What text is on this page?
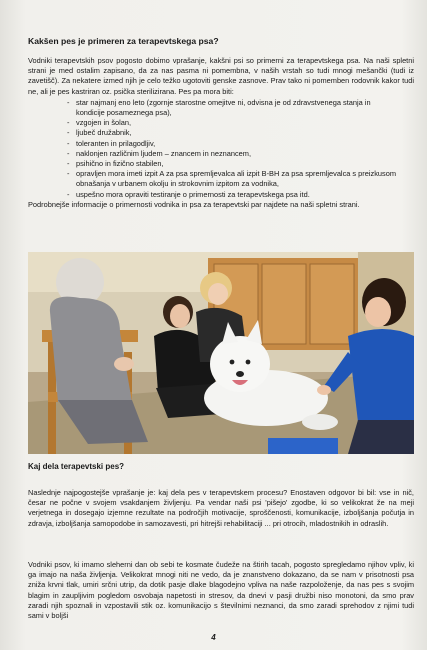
Kakšen pes je primeren za terapevtskega psa?

Vodniki terapevtskih psov pogosto dobimo vprašanje, kakšni psi so primerni za terapevtskega psa. Na naši spletni strani je med ostalim zapisano, da za nas pasma ni pomembna, v naših vrstah so tudi mnogi mešančki (tudi iz zavetišč). Za nekatere izmed njih je celo težko ugotoviti genske zasnove. Prav tako ni pomemben rodovnik kakor tudi ne, ali je pes kastriran oz. psička sterilizirana. Pes pa mora biti:

- star najmanj eno leto (zgornje starostne omejitve ni, odvisna je od zdravstvenega stanja in kondicije posameznega psa),
- vzgojen in šolan,
- ljubeč družabnik,
- toleranten in prilagodljiv,
- naklonjen različnim ljudem – znancem in neznancem,
- psihično in fizično stabilen,
- opravljen mora imeti izpit A za psa spremljevalca ali izpit B-BH za psa spremljevalca s preizkusom obnašanja v urbanem okolju in strokovnim izpitom za vodnika,
- uspešno mora opraviti testiranje o primernosti za terapevtskega psa itd.

Podrobnejše informacije o primernosti vodnika in psa za terapevtski par najdete na naši spletni strani.

Kaj dela terapevtski pes?

Naslednje najpogostejše vprašanje je: kaj dela pes v terapevtskem procesu? Enostaven odgovor bi bil: vse in nič, česar ne počne v svojem vsakdanjem življenju. Pa vendar naši psi 'pišejo' zgodbe, ki so velikokrat že na meji verjetnega in dosegajo izjemne rezultate na področjih motivacije, sproščenosti, komunikacije, izboljšanja počutja in zdravja, izboljšanja samopodobe in samozavesti, pri hitrejši rehabilitaciji ... pri otrocih, mladostnikih in odraslih.

Vodniki psov, ki imamo sleherni dan ob sebi te kosmate čudeže na štirih tacah, pogosto spregledamo njihov vpliv, ki ga imajo na naša življenja. Velikokrat mnogi niti ne vedo, da je znanstveno dokazano, da se nam v prisotnosti psa zniža krvni tlak, umiri srčni utrip, da dotik pasje dlake blagodejno vpliva na naše razpoloženje, da nas pes s svojim blagim in zaupljivim pogledom osvobaja napetosti in stresov, da dnevi v pasji družbi niso monotoni, da smo prav zaradi njih spoznali in vzpostavili stik oz. komunikacijo s številnimi neznanci, da smo zaradi sprehodov z njimi tudi sami v boljši

4
